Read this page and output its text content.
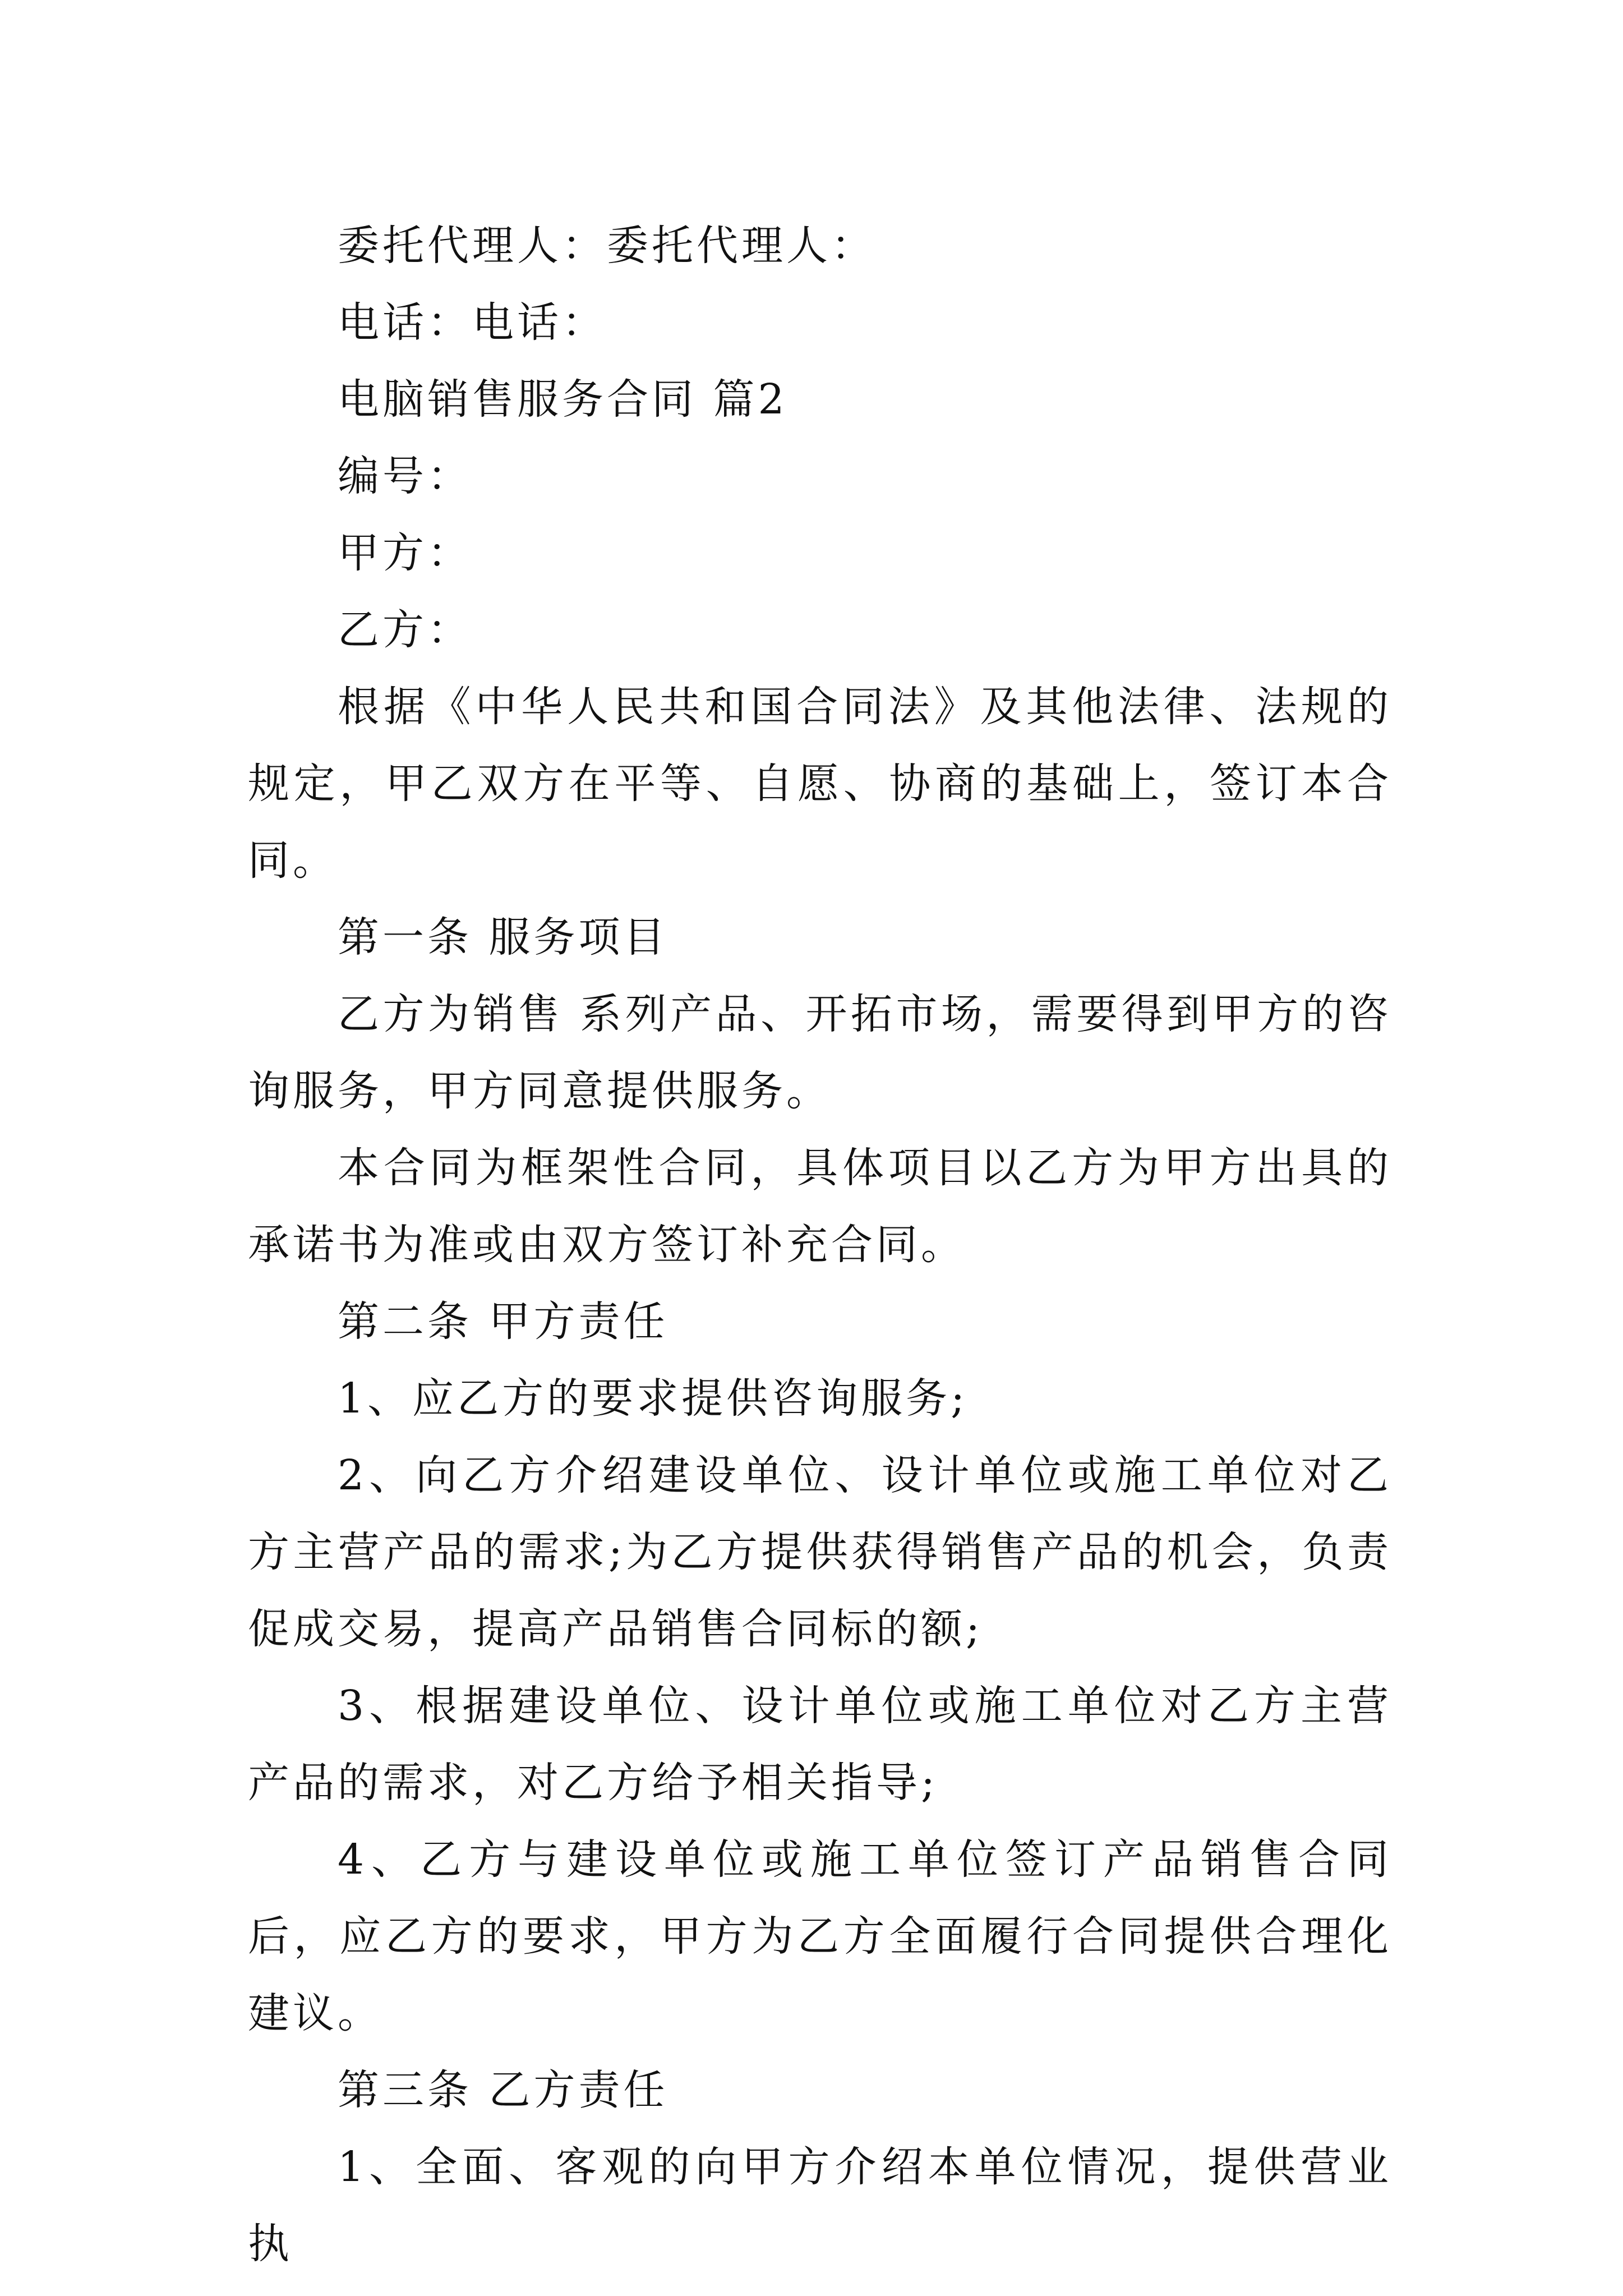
委托代理人：委托代理人：

电话：电话：

电脑销售服务合同 篇2

编号：

甲方：

乙方：

根据《中华人民共和国合同法》及其他法律、法规的规定，甲乙双方在平等、自愿、协商的基础上，签订本合同。

第一条 服务项目

乙方为销售 系列产品、开拓市场，需要得到甲方的咨询服务，甲方同意提供服务。

本合同为框架性合同，具体项目以乙方为甲方出具的承诺书为准或由双方签订补充合同。

第二条 甲方责任

1、应乙方的要求提供咨询服务;

2、向乙方介绍建设单位、设计单位或施工单位对乙方主营产品的需求;为乙方提供获得销售产品的机会，负责促成交易，提高产品销售合同标的额;

3、根据建设单位、设计单位或施工单位对乙方主营产品的需求，对乙方给予相关指导;

4、乙方与建设单位或施工单位签订产品销售合同后，应乙方的要求，甲方为乙方全面履行合同提供合理化建议。

第三条 乙方责任

1、全面、客观的向甲方介绍本单位情况，提供营业执
